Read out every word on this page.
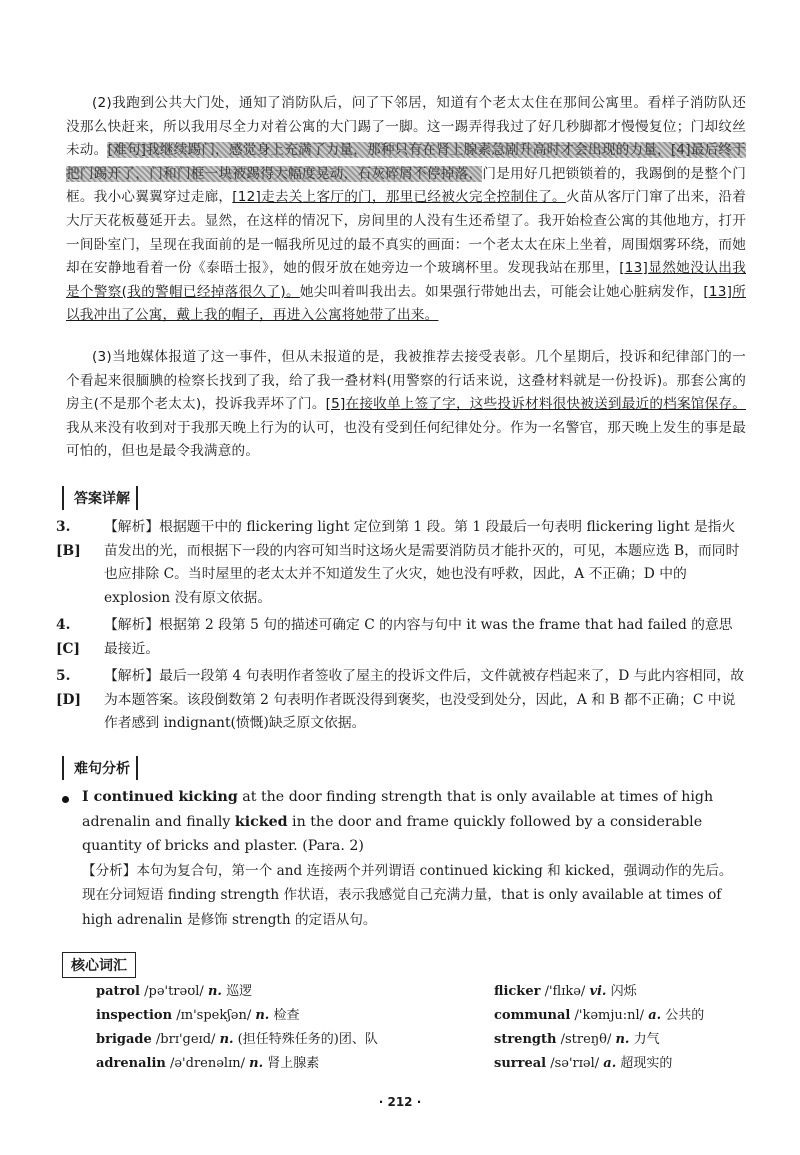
(2)我跑到公共大门处，通知了消防队后，问了下邻居，知道有个老太太住在那间公寓里。看样子消防队还没那么快赶来，所以我用尽全力对着公寓的大门踢了一脚。这一踢弄得我过了好几秒脚都才慢慢复位；门却纹丝未动。[难句]我继续踢门，感觉身上充满了力量，那种只有在肾上腺素急剧升高时才会出现的力量，[4]最后终于把门踢开了，门和门框一块被踢得大幅度晃动，石灰碎屑不停掉落，门是用好几把锁锁着的，我踢倒的是整个门框。我小心翼翼穿过走廊，[12]走去关上客厅的门，那里已经被火完全控制住了。火苗从客厅门窜了出来，沿着大厅天花板蔓延开去。显然，在这样的情况下，房间里的人没有生还希望了。我开始检查公寓的其他地方，打开一间卧室门，呈现在我面前的是一幅我所见过的最不真实的画面：一个老太太在床上坐着，周围烟雾环绕，而她却在安静地看着一份《泰晤士报》，她的假牙放在她旁边一个玻璃杯里。发现我站在那里，[13]显然她没认出我是个警察(我的警帽已经掉落很久了)。她尖叫着叫我出去。如果强行带她出去，可能会让她心脏病发作，[13]所以我冲出了公寓，戴上我的帽子，再进入公寓将她带了出来。

(3)当地媒体报道了这一事件，但从未报道的是，我被推荐去接受表彰。几个星期后，投诉和纪律部门的一个看起来很腼腆的检察长找到了我，给了我一叠材料(用警察的行话来说，这叠材料就是一份投诉)。那套公寓的房主(不是那个老太太)，投诉我弄坏了门。[5]在接收单上签了字，这些投诉材料很快被送到最近的档案馆保存。我从来没有收到对于我那天晚上行为的认可，也没有受到任何纪律处分。作为一名警官，那天晚上发生的事是最可怕的，但也是最令我满意的。

答案详解
3. [B]
【解析】根据题干中的 flickering light 定位到第 1 段。第 1 段最后一句表明 flickering light 是指火苗发出的光，而根据下一段的内容可知当时这场火是需要消防员才能扑灭的，可见，本题应选 B，而同时也应排除 C。当时屋里的老太太并不知道发生了火灾，她也没有呼救，因此，A 不正确；D 中的 explosion 没有原文依据。
4. [C]
【解析】根据第 2 段第 5 句的描述可确定 C 的内容与句中 it was the frame that had failed 的意思最接近。
5. [D]
【解析】最后一段第 4 句表明作者签收了屋主的投诉文件后，文件就被存档起来了，D 与此内容相同，故为本题答案。该段倒数第 2 句表明作者既没得到褒奖，也没受到处分，因此，A 和 B 都不正确；C 中说作者感到 indignant(愤慨)缺乏原文依据。
难句分析
I continued kicking at the door finding strength that is only available at times of high adrenalin and finally kicked in the door and frame quickly followed by a considerable quantity of bricks and plaster. (Para. 2)
【分析】本句为复合句，第一个 and 连接两个并列谓语 continued kicking 和 kicked，强调动作的先后。现在分词短语 finding strength 作状语，表示我感觉自己充满力量，that is only available at times of high adrenalin 是修饰 strength 的定语从句。
核心词汇
patrol /pə'trəʊl/ n. 巡逻
inspection /ɪn'spekʃən/ n. 检查
brigade /brɪ'geɪd/ n. (担任特殊任务的)团、队
adrenalin /ə'drenəlɪn/ n. 肾上腺素
flicker /'flɪkə/ vi. 闪烁
communal /'kəmju:nl/ a. 公共的
strength /streŋθ/ n. 力气
surreal /sə'rɪəl/ a. 超现实的
· 212 ·
